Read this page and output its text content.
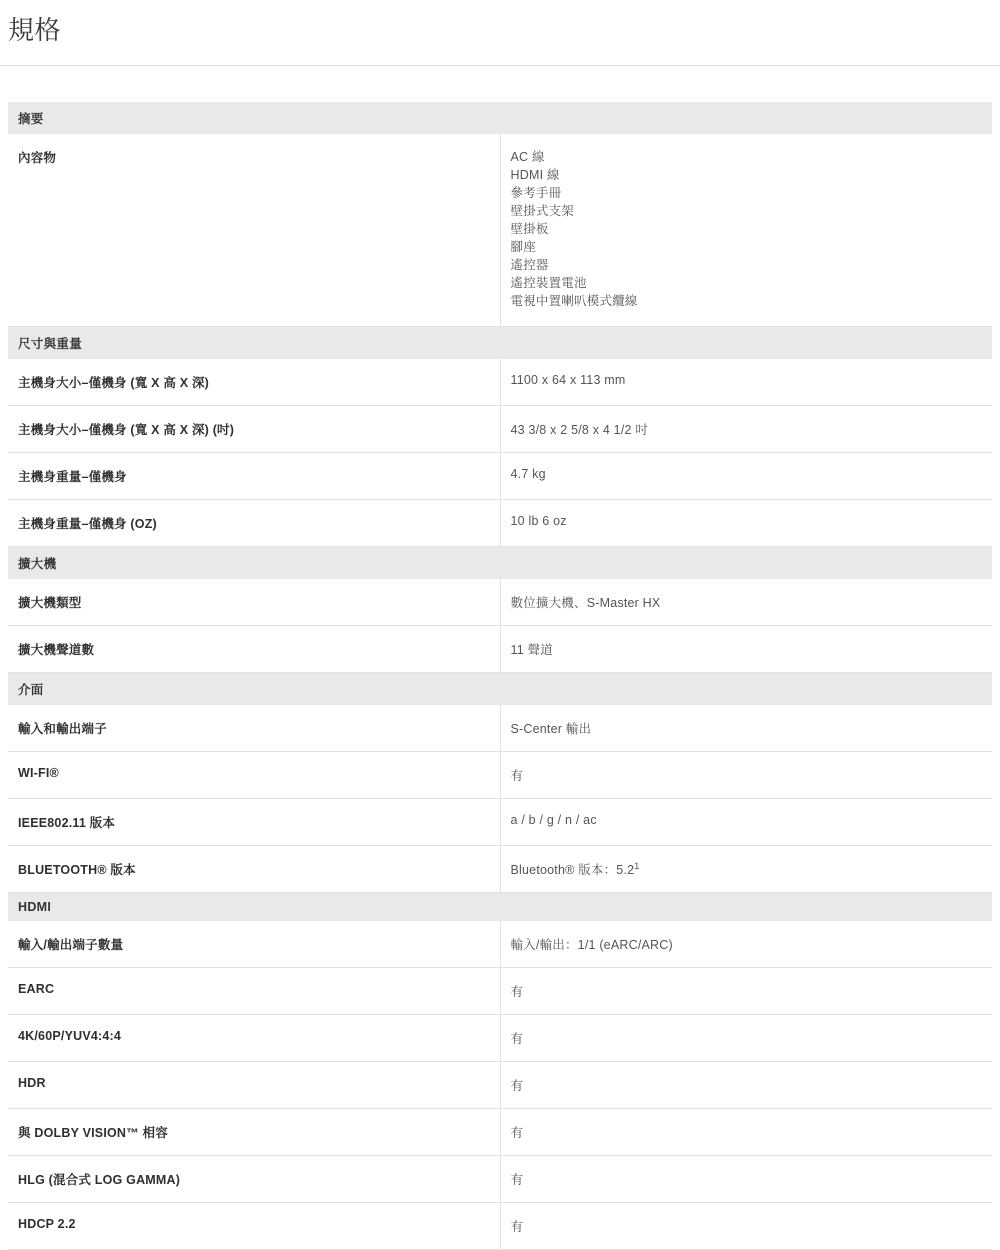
規格
摘要	
內容物	AC 線
HDMI 線
參考手冊
壁掛式支架
壁掛板
腳座
遙控器
遙控裝置電池
電視中置喇叭模式纜線

尺寸與重量	
主機身大小–僅機身 (寬 X 高 X 深)	1100 x 64 x 113 mm
主機身大小–僅機身 (寬 X 高 X 深) (吋)	43 3/8 x 2 5/8 x 4 1/2 吋
主機身重量–僅機身	4.7 kg
主機身重量–僅機身 (OZ)	10 lb 6 oz
擴大機	
擴大機類型	數位擴大機、S-Master HX
擴大機聲道數	11 聲道
介面	
輸入和輸出端子	S-Center 輸出
WI-FI®	有
IEEE802.11 版本	a / b / g / n / ac
BLUETOOTH® 版本	Bluetooth® 版本：$5.2^1$
HDMI	
輸入/輸出端子數量	輸入/輸出：1/1 (eARC/ARC)
EARC	有
4K/60P/YUV4:4:4	有
HDR	有
與 DOLBY VISION™ 相容	有
HLG (混合式 LOG GAMMA)	有
HDCP 2.2	有
